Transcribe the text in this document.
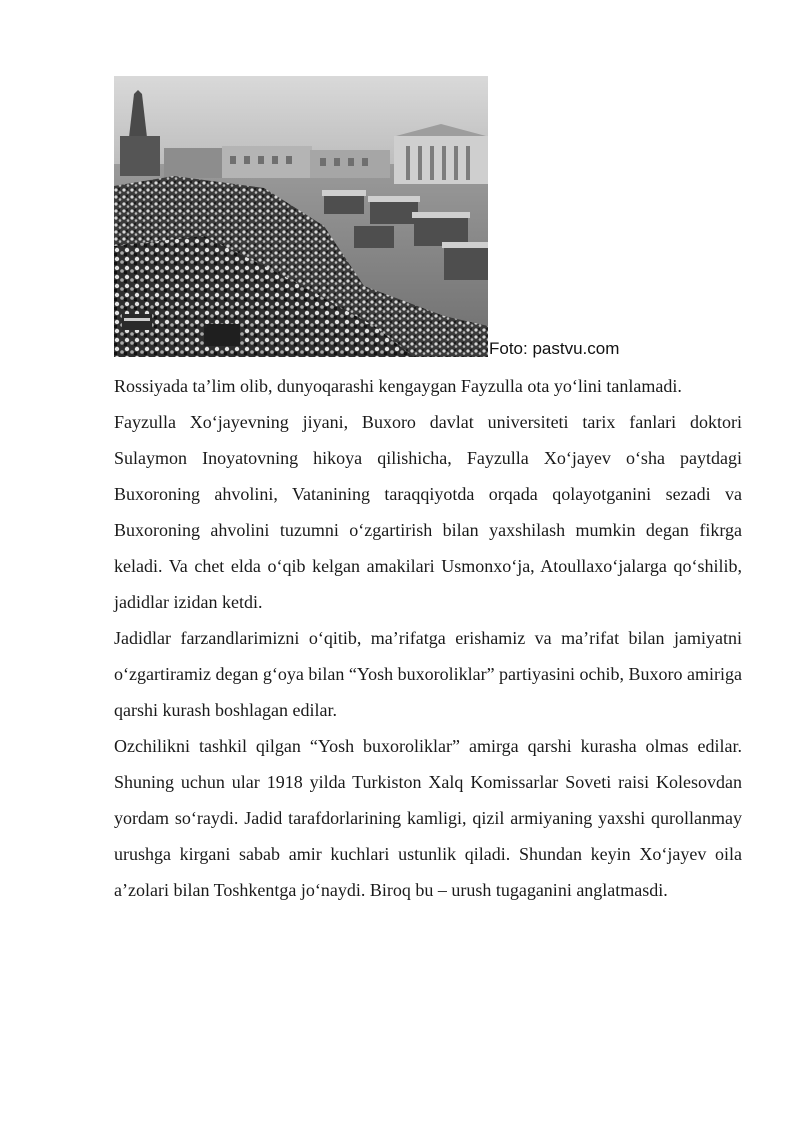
Foto: pastvu.com

Rossiyada ta’lim olib, dunyoqarashi kengaygan Fayzulla ota yo‘lini tanlamadi.

Fayzulla Xo‘jayevning jiyani, Buxoro davlat universiteti tarix fanlari doktori Sulaymon Inoyatovning hikoya qilishicha, Fayzulla Xo‘jayev o‘sha paytdagi Buxoroning ahvolini, Vatanining taraqqiyotda orqada qolayotganini sezadi va Buxoroning ahvolini tuzumni o‘zgartirish bilan yaxshilash mumkin degan fikrga keladi. Va chet elda o‘qib kelgan amakilari Usmonxo‘ja, Atoullaxo‘jalarga qo‘shilib, jadidlar izidan ketdi.

Jadidlar farzandlarimizni o‘qitib, ma’rifatga erishamiz va ma’rifat bilan jamiyatni o‘zgartiramiz degan g‘oya bilan “Yosh buxoroliklar” partiyasini ochib, Buxoro amiriga qarshi kurash boshlagan edilar.

Ozchilikni tashkil qilgan “Yosh buxoroliklar” amirga qarshi kurasha olmas edilar. Shuning uchun ular 1918 yilda Turkiston Xalq Komissarlar Soveti raisi Kolesovdan yordam so‘raydi. Jadid tarafdorlarining kamligi, qizil armiyaning yaxshi qurollanmay urushga kirgani sabab amir kuchlari ustunlik qiladi. Shundan keyin Xo‘jayev oila a’zolari bilan Toshkentga jo‘naydi. Biroq bu – urush tugaganini anglatmasdi.
